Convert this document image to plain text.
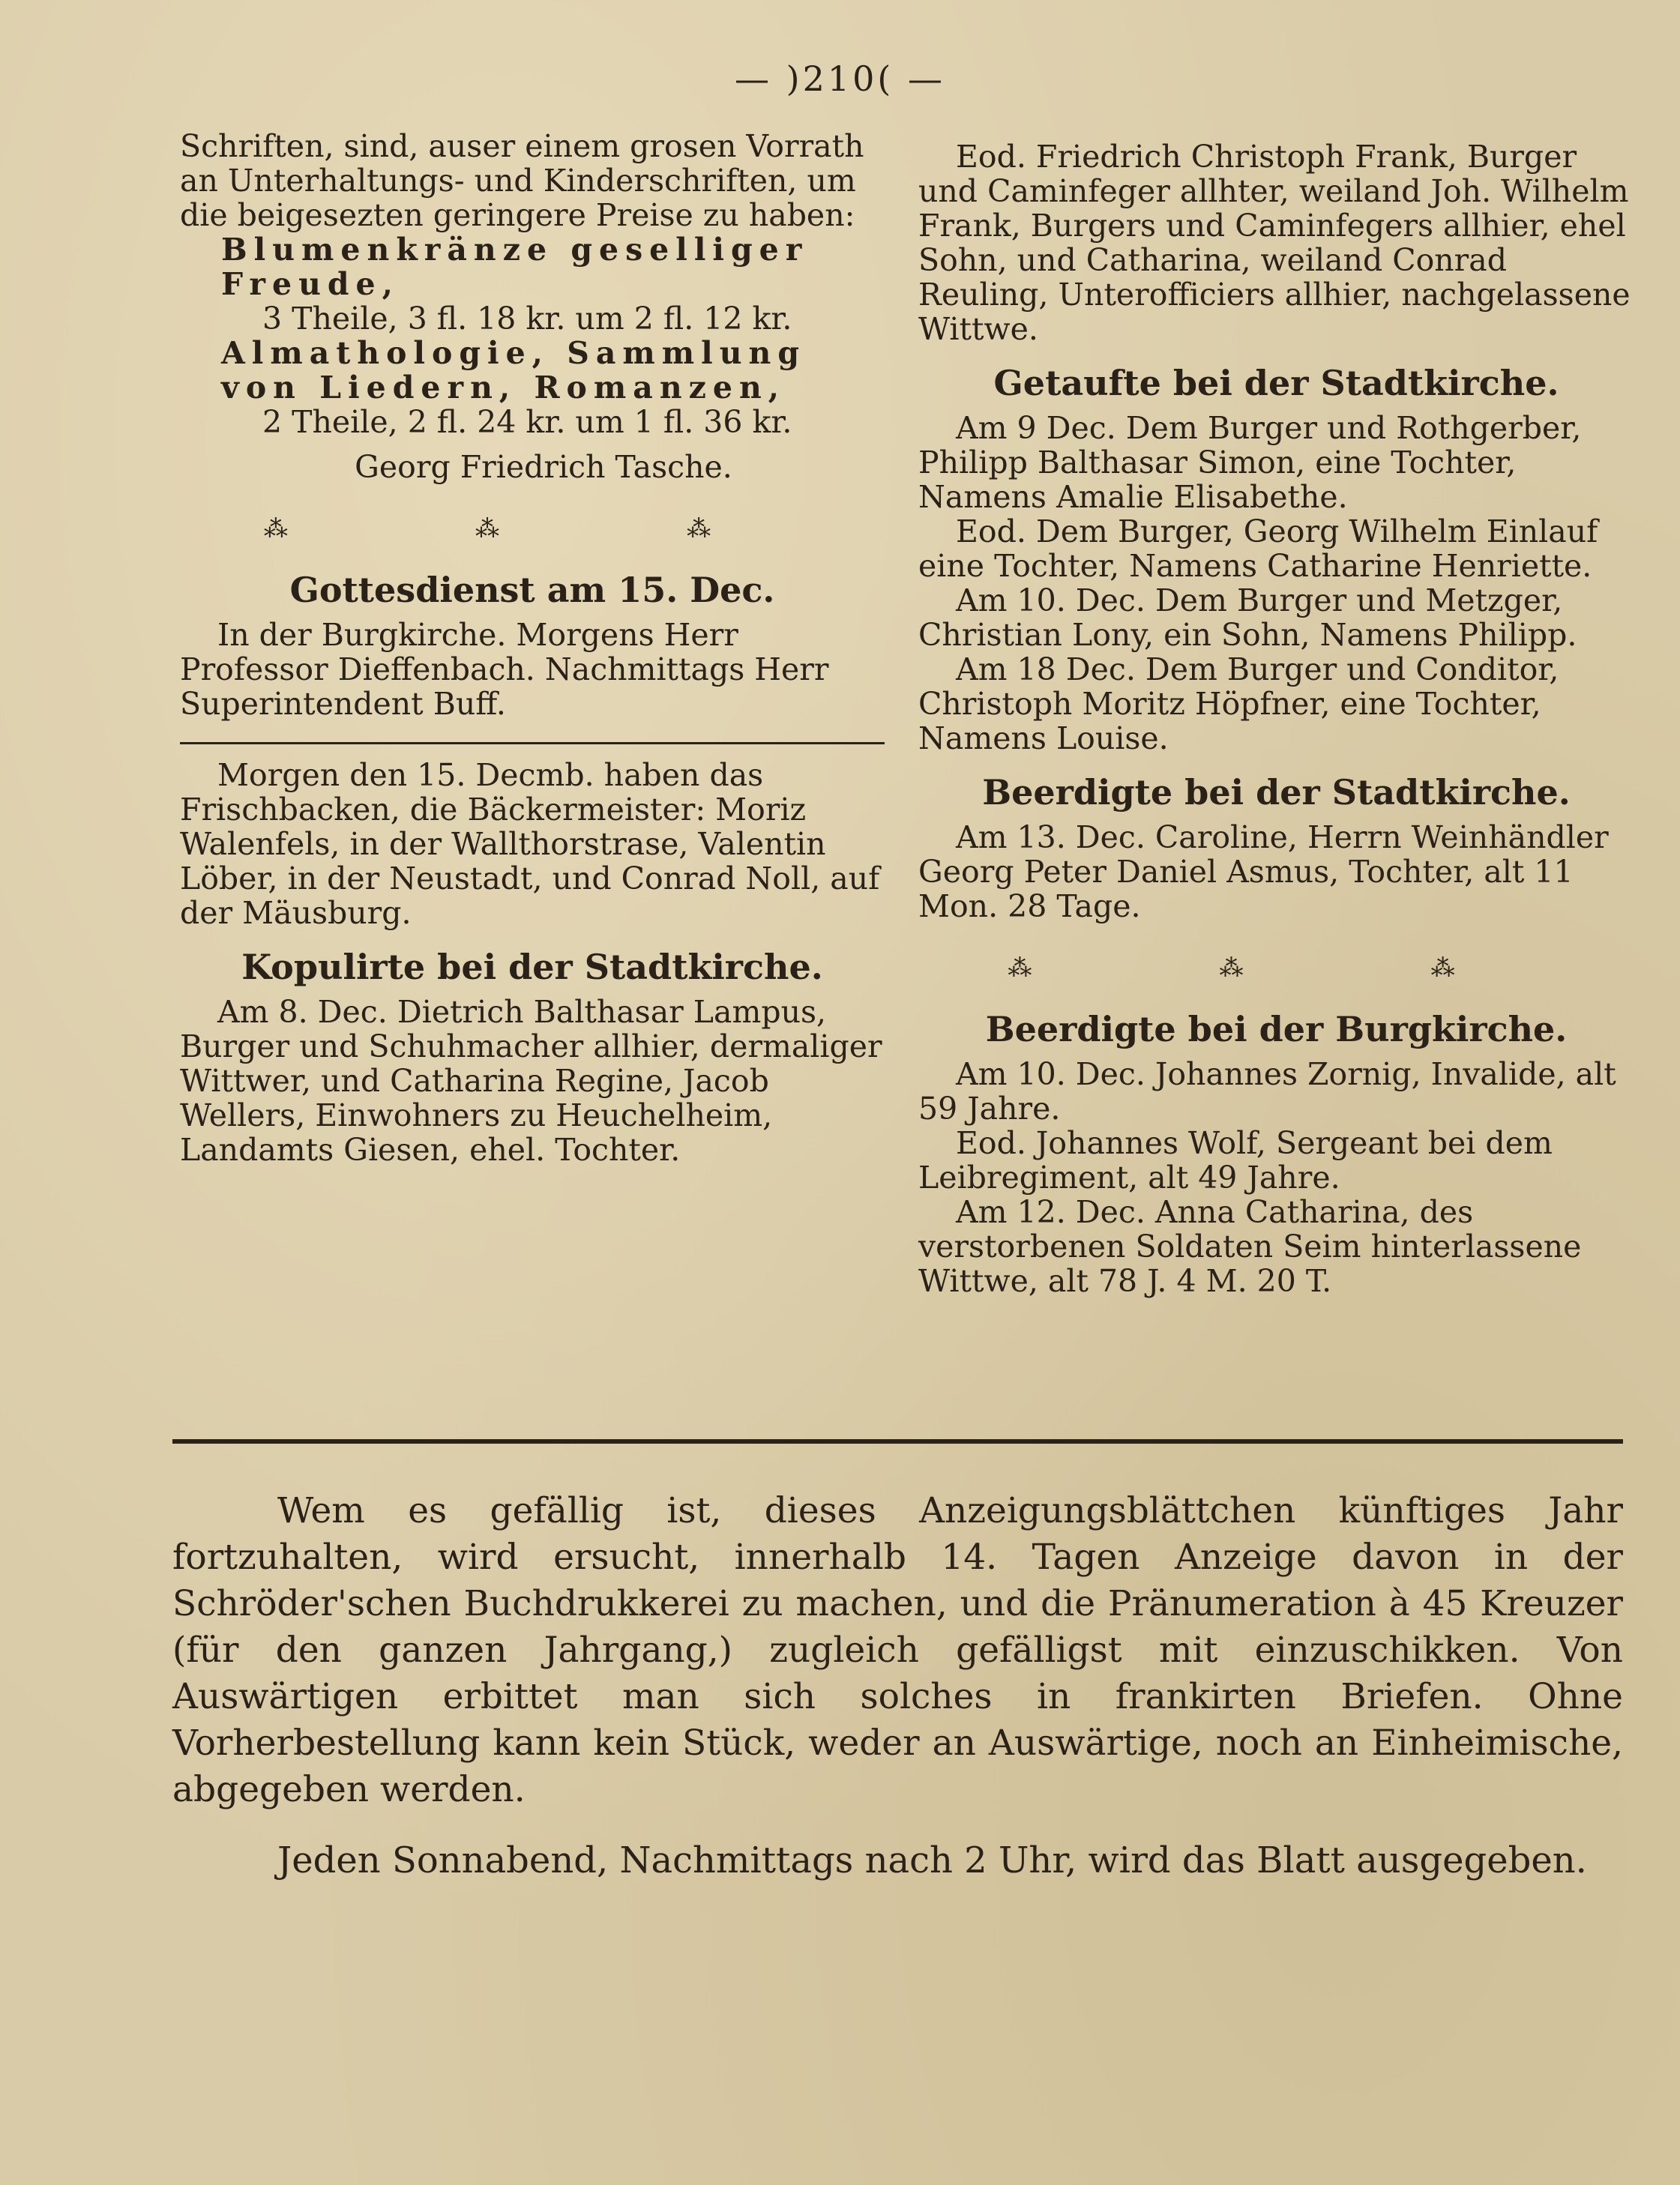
— )210( —

Schriften, sind, auser einem grosen Vorrath an Unterhaltungs- und Kinderschriften, um die beigesezten geringere Preise zu haben:

Blumenkränze geselliger Freude,

3 Theile, 3 fl. 18 kr. um 2 fl. 12 kr.

Almathologie, Sammlung von Liedern, Romanzen,

2 Theile, 2 fl. 24 kr. um 1 fl. 36 kr.

Georg Friedrich Tasche.

⁂ ⁂ ⁂

Gottesdienst am 15. Dec.

In der Burgkirche. Morgens Herr Professor Dieffenbach. Nachmittags Herr Superintendent Buff.

Morgen den 15. Decmb. haben das Frischbacken, die Bäckermeister: Moriz Walenfels, in der Wallthorstrase, Valentin Löber, in der Neustadt, und Conrad Noll, auf der Mäusburg.

Kopulirte bei der Stadtkirche.

Am 8. Dec. Dietrich Balthasar Lampus, Burger und Schuhmacher allhier, dermaliger Wittwer, und Catharina Regine, Jacob Wellers, Einwohners zu Heuchelheim, Landamts Giesen, ehel. Tochter.

Eod. Friedrich Christoph Frank, Burger und Caminfeger allhter, weiland Joh. Wilhelm Frank, Burgers und Caminfegers allhier, ehel Sohn, und Catharina, weiland Conrad Reuling, Unterofficiers allhier, nachgelassene Wittwe.

Getaufte bei der Stadtkirche.

Am 9 Dec. Dem Burger und Rothgerber, Philipp Balthasar Simon, eine Tochter, Namens Amalie Elisabethe.

Eod. Dem Burger, Georg Wilhelm Einlauf eine Tochter, Namens Catharine Henriette.

Am 10. Dec. Dem Burger und Metzger, Christian Lony, ein Sohn, Namens Philipp.

Am 18 Dec. Dem Burger und Conditor, Christoph Moritz Höpfner, eine Tochter, Namens Louise.

Beerdigte bei der Stadtkirche.

Am 13. Dec. Caroline, Herrn Weinhändler Georg Peter Daniel Asmus, Tochter, alt 11 Mon. 28 Tage.

⁂ ⁂ ⁂

Beerdigte bei der Burgkirche.

Am 10. Dec. Johannes Zornig, Invalide, alt 59 Jahre.

Eod. Johannes Wolf, Sergeant bei dem Leibregiment, alt 49 Jahre.

Am 12. Dec. Anna Catharina, des verstorbenen Soldaten Seim hinterlassene Wittwe, alt 78 J. 4 M. 20 T.

Wem es gefällig ist, dieses Anzeigungsblättchen künftiges Jahr fortzuhalten, wird ersucht, innerhalb 14. Tagen Anzeige davon in der Schröder'schen Buchdrukkerei zu machen, und die Pränumeration à 45 Kreuzer (für den ganzen Jahrgang,) zugleich gefälligst mit einzuschikken. Von Auswärtigen erbittet man sich solches in frankirten Briefen. Ohne Vorherbestellung kann kein Stück, weder an Auswärtige, noch an Einheimische, abgegeben werden.

Jeden Sonnabend, Nachmittags nach 2 Uhr, wird das Blatt ausgegeben.
